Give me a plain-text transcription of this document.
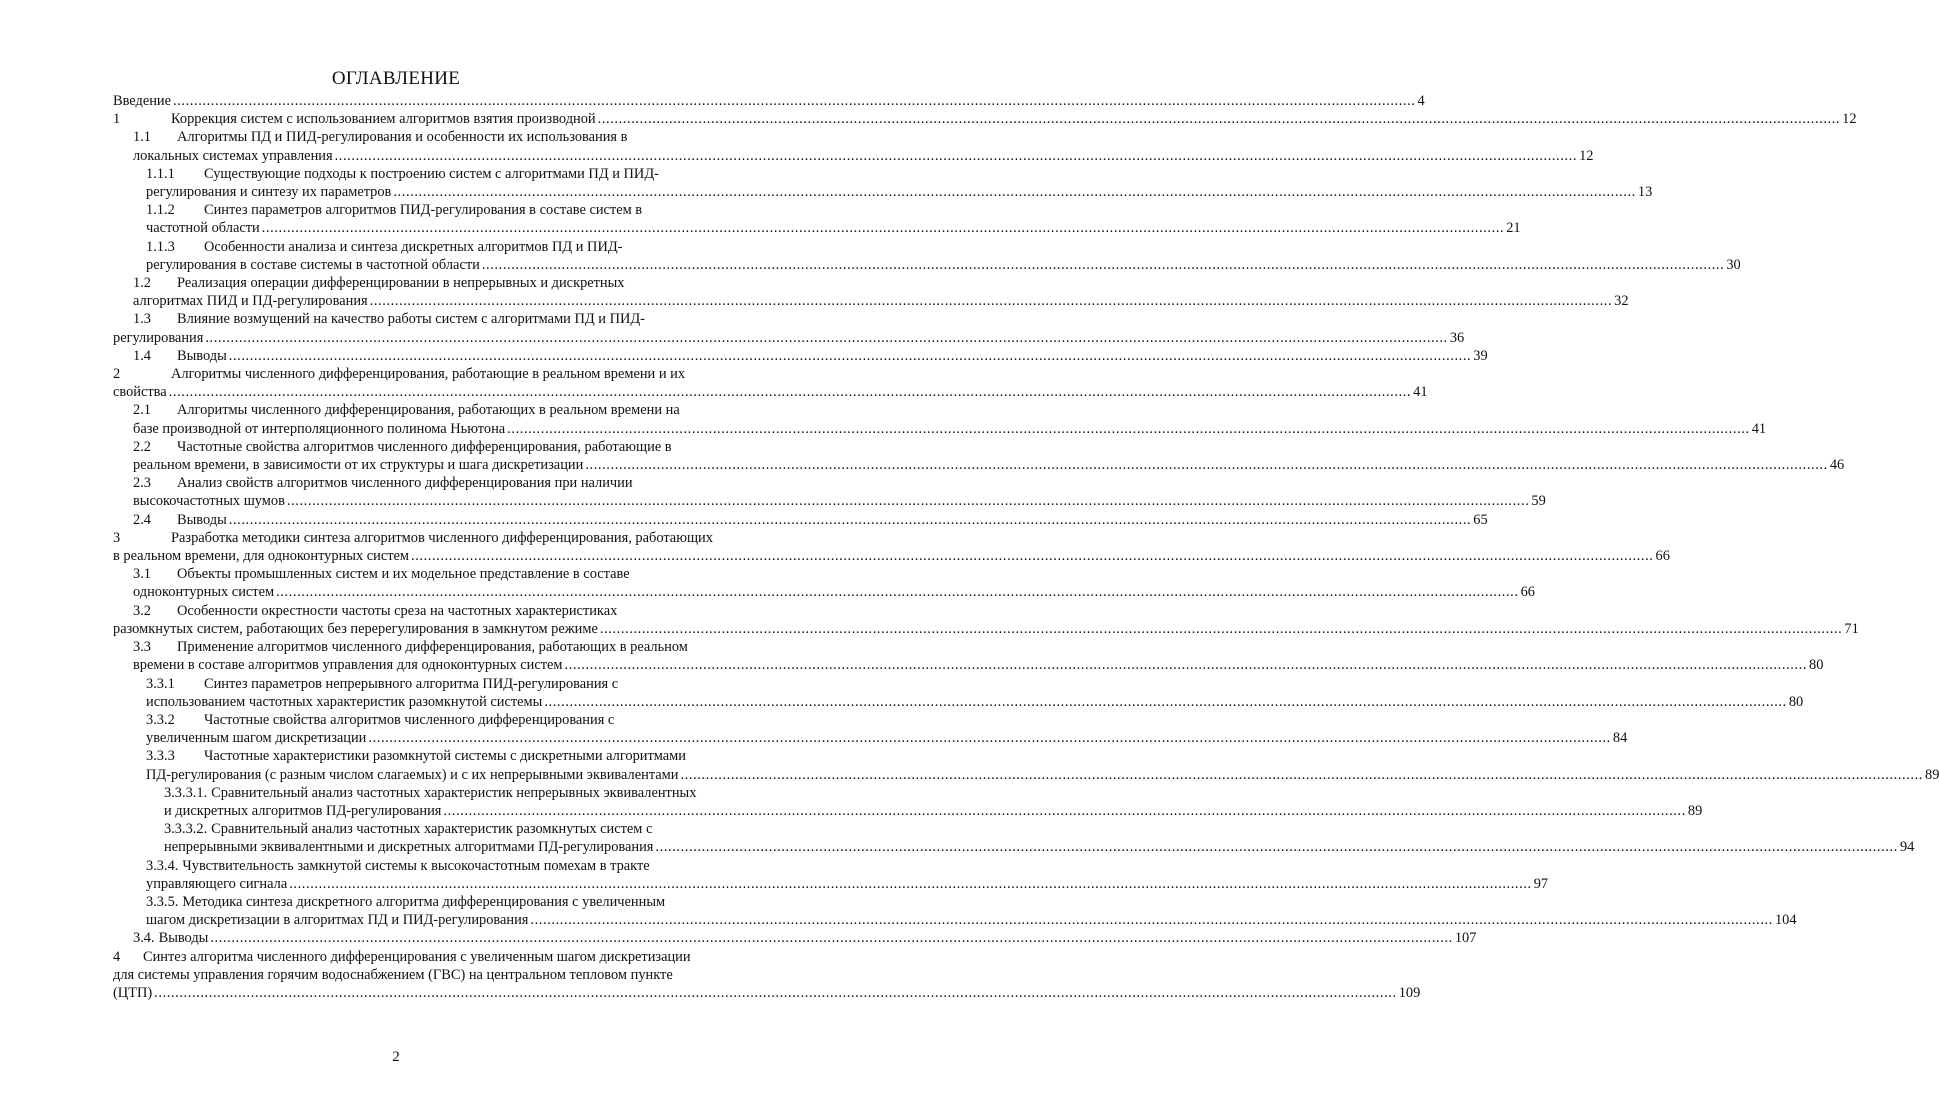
ОГЛАВЛЕНИЕ
Введение .....	4
1	Коррекция систем с использованием алгоритмов взятия производной .....	12
1.1 Алгоритмы ПД и ПИД-регулирования и особенности их использования в
локальных системах управления .....	12
1.1.1 Существующие подходы к построению систем с алгоритмами ПД и ПИД-
регулирования и синтезу их параметров .....	13
1.1.2 Синтез параметров алгоритмов ПИД-регулирования в составе систем в
частотной области .....	21
1.1.3 Особенности анализа и синтеза дискретных алгоритмов ПД и ПИД-
регулирования в составе системы в частотной области .....	30
1.2 Реализация операции дифференцировании в непрерывных и дискретных
алгоритмах ПИД и ПД-регулирования .....	32
1.3 Влияние возмущений на качество работы систем с алгоритмами ПД и ПИД-
регулирования .....	36
1.4	Выводы .....	39
2	Алгоритмы численного дифференцирования, работающие в реальном времени и их
свойства .....	41
2.1 Алгоритмы численного дифференцирования, работающих в реальном времени на
базе производной от интерполяционного полинома Ньютона .....	41
2.2 Частотные свойства алгоритмов численного дифференцирования, работающие в
реальном времени, в зависимости от их структуры и шага дискретизации .....	46
2.3 Анализ свойств алгоритмов численного дифференцирования при наличии
высокочастотных шумов .....	59
2.4	Выводы .....	65
3	Разработка методики синтеза алгоритмов численного дифференцирования, работающих
в реальном времени, для одноконтурных систем .....	66
3.1 Объекты промышленных систем и их модельное представление в составе
одноконтурных систем .....	66
3.2 Особенности окрестности частоты среза на частотных характеристиках
разомкнутых систем, работающих без перерегулирования в замкнутом режиме .....	71
3.3 Применение алгоритмов численного дифференцирования, работающих в реальном
времени в составе алгоритмов управления для одноконтурных систем .....	80
3.3.1 Синтез параметров непрерывного алгоритма ПИД-регулирования с
использованием частотных характеристик разомкнутой системы .....	80
3.3.2 Частотные свойства алгоритмов численного дифференцирования с
увеличенным шагом дискретизации .....	84
3.3.3 Частотные характеристики разомкнутой системы с дискретными алгоритмами
ПД-регулирования (с разным числом слагаемых) и с их непрерывными эквивалентами .....	89
3.3.3.1. Сравнительный анализ частотных характеристик непрерывных эквивалентных
и дискретных алгоритмов ПД-регулирования .....	89
3.3.3.2. Сравнительный анализ частотных характеристик разомкнутых систем с
непрерывными эквивалентными и дискретных алгоритмами ПД-регулирования .....	94
3.3.4. Чувствительность замкнутой системы к высокочастотным помехам в тракте
управляющего сигнала .....	97
3.3.5. Методика синтеза дискретного алгоритма дифференцирования с увеличенным
шагом дискретизации в алгоритмах ПД и ПИД-регулирования .....	104
3.4. Выводы .....	107
4 Синтез алгоритма численного дифференцирования с увеличенным шагом дискретизации
для системы управления горячим водоснабжением (ГВС) на центральном тепловом пункте
(ЦТП) .....	109
2
